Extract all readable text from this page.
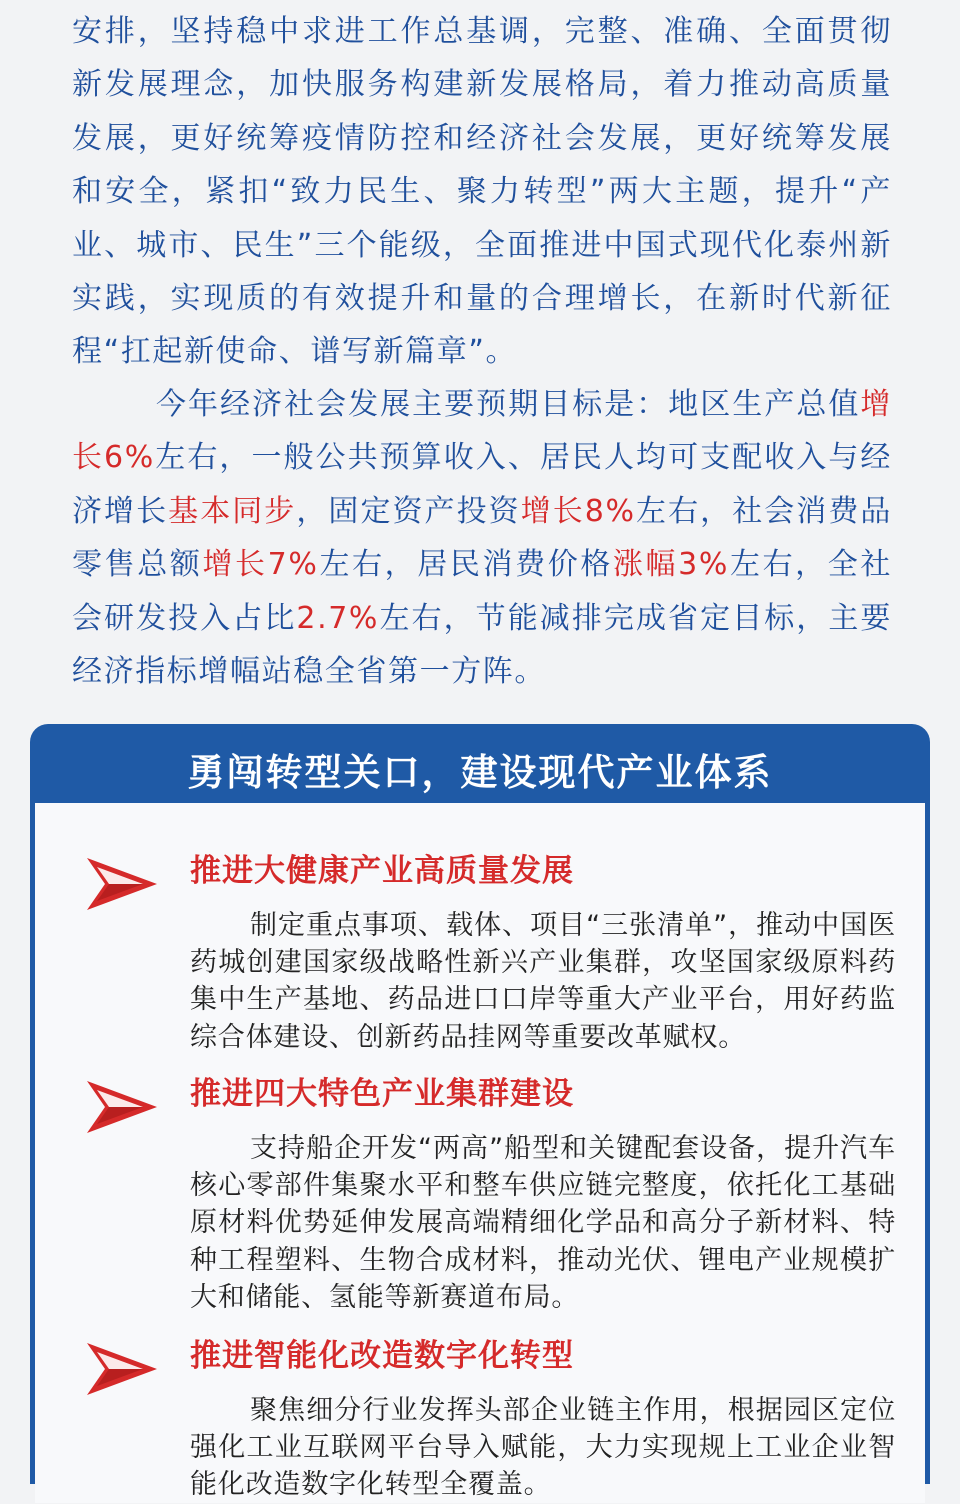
安排，坚持稳中求进工作总基调，完整、准确、全面贯彻新发展理念，加快服务构建新发展格局，着力推动高质量发展，更好统筹疫情防控和经济社会发展，更好统筹发展和安全，紧扣“致力民生、聚力转型”两大主题，提升“产业、城市、民生”三个能级，全面推进中国式现代化泰州新实践，实现质的有效提升和量的合理增长，在新时代新征程“扛起新使命、谱写新篇章”。

今年经济社会发展主要预期目标是：地区生产总值增长6%左右，一般公共预算收入、居民人均可支配收入与经济增长基本同步，固定资产投资增长8%左右，社会消费品零售总额增长7%左右，居民消费价格涨幅3%左右，全社会研发投入占比2.7%左右，节能减排完成省定目标，主要经济指标增幅站稳全省第一方阵。

勇闯转型关口，建设现代产业体系
推进大健康产业高质量发展

制定重点事项、载体、项目“三张清单”，推动中国医药城创建国家级战略性新兴产业集群，攻坚国家级原料药集中生产基地、药品进口口岸等重大产业平台，用好药监综合体建设、创新药品挂网等重要改革赋权。

推进四大特色产业集群建设

支持船企开发“两高”船型和关键配套设备，提升汽车核心零部件集聚水平和整车供应链完整度，依托化工基础原材料优势延伸发展高端精细化学品和高分子新材料、特种工程塑料、生物合成材料，推动光伏、锂电产业规模扩大和储能、氢能等新赛道布局。

推进智能化改造数字化转型

聚焦细分行业发挥头部企业链主作用，根据园区定位强化工业互联网平台导入赋能，大力实现规上工业企业智能化改造数字化转型全覆盖。
